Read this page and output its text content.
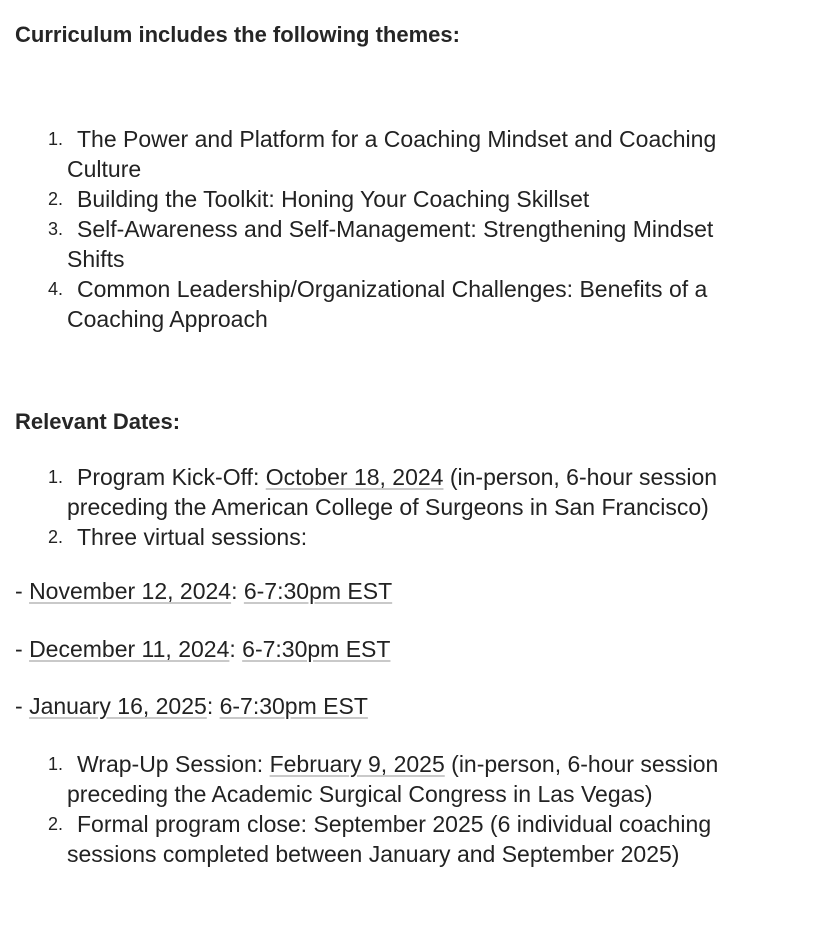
Curriculum includes the following themes:
1. The Power and Platform for a Coaching Mindset and Coaching
Culture
2. Building the Toolkit: Honing Your Coaching Skillset
3. Self-Awareness and Self-Management: Strengthening Mindset
Shifts
4. Common Leadership/Organizational Challenges: Benefits of a
Coaching Approach
Relevant Dates:
1. Program Kick-Off: October 18, 2024 (in-person, 6-hour session
preceding the American College of Surgeons in San Francisco)
2. Three virtual sessions:

- November 12, 2024: 6-7:30pm EST

- December 11, 2024: 6-7:30pm EST

- January 16, 2025: 6-7:30pm EST

1. Wrap-Up Session: February 9, 2025 (in-person, 6-hour session
preceding the Academic Surgical Congress in Las Vegas)
2. Formal program close: September 2025 (6 individual coaching
sessions completed between January and September 2025)
